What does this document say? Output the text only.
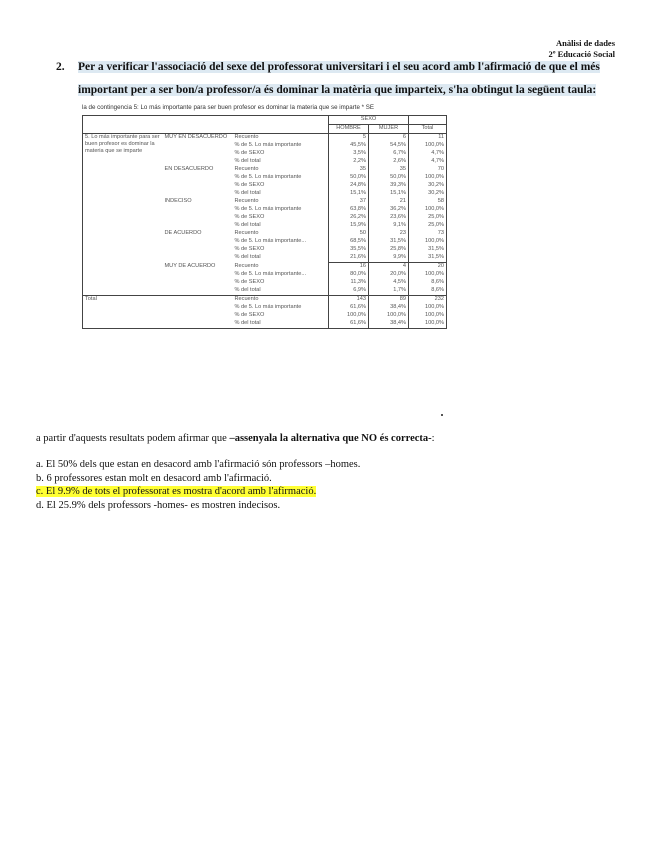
Anàlisi de dades
2º Educació Social
2. Per a verificar l'associació del sexe del professorat universitari i el seu acord amb l'afirmació de que el més important per a ser bon/a professor/a és dominar la matèria que imparteix, s'ha obtingut la següent taula:
la de contingencia 5: Lo más importante para ser buen profesor es dominar la materia que se imparte * SE
			SEXO		
			HOMBRE	MUJER	Total
5. Lo más importante para ser buen profesor es dominar la materia que se imparte	MUY EN DESACUERDO	Recuento	5	6	11
		% de 5. Lo más importante	45,5%	54,5%	100,0%
		% de SEXO	3,5%	6,7%	4,7%
		% del total	2,2%	2,6%	4,7%
	EN DESACUERDO	Recuento	35	35	70
		% de 5. Lo más importante	50,0%	50,0%	100,0%
		% de SEXO	24,8%	39,3%	30,2%
		% del total	15,1%	15,1%	30,2%
	INDECISO	Recuento	37	21	58
		% de 5. Lo más importante	63,8%	36,2%	100,0%
		% de SEXO	26,2%	23,6%	25,0%
		% del total	15,9%	9,1%	25,0%
	DE ACUERDO	Recuento	50	23	73
		% de 5. Lo más importante...	68,5%	31,5%	100,0%
		% de SEXO	35,5%	25,8%	31,5%
		% del total	21,6%	9,9%	31,5%
	MUY DE ACUERDO	Recuento	16	4	20
		% de 5. Lo más importante...	80,0%	20,0%	100,0%
		% de SEXO	11,3%	4,5%	8,6%
		% del total	6,9%	1,7%	8,6%
Total		Recuento	143	89	232
		% de 5. Lo más importante	61,6%	38,4%	100,0%
		% de SEXO	100,0%	100,0%	100,0%
		% del total	61,6%	38,4%	100,0%
a partir d'aquests resultats podem afirmar que –assenyala la alternativa que NO és correcta-:
a. El 50% dels que estan en desacord amb l'afirmació són professors –homes.
b. 6 professores estan molt en desacord amb l'afirmació.
c. El 9.9% de tots el professorat es mostra d'acord amb l'afirmació.
d. El 25.9% dels professors -homes- es mostren indecisos.
